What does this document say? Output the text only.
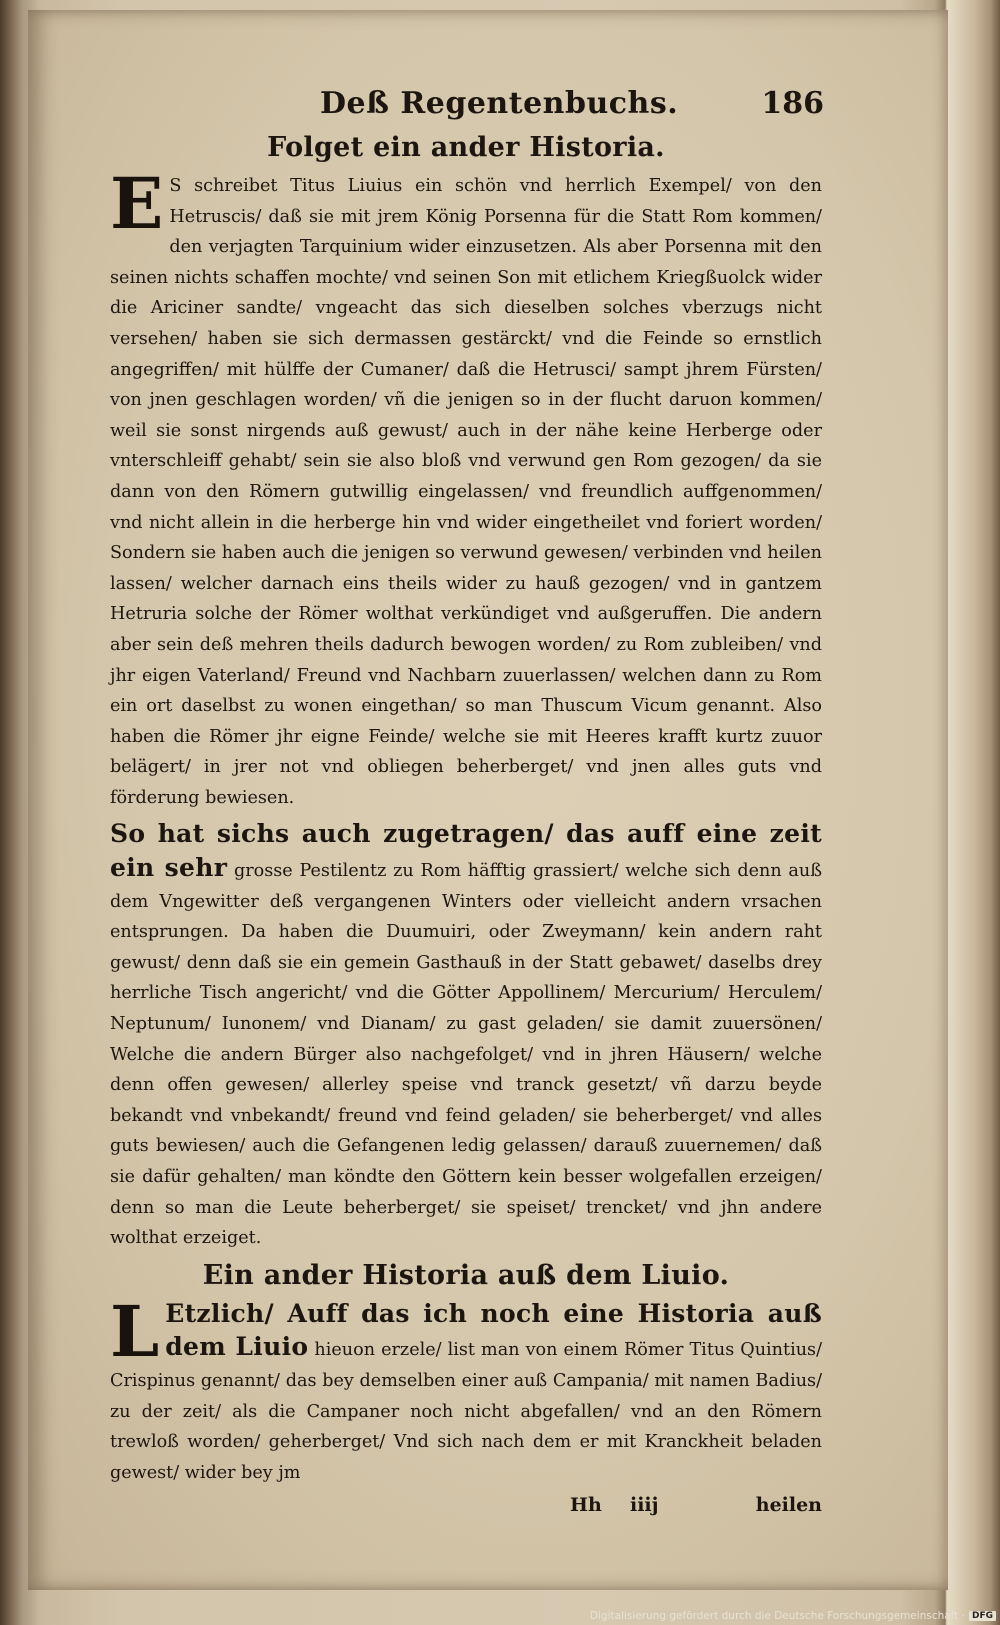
Deß Regentenbuchs.	186
Folget ein ander Historia.

E S schreibet Titus Liuius ein schön vnd herrlich Exempel/ von den Hetruscis/ daß sie mit jrem König Porsenna für die Statt Rom kommen/ den verjagten Tarquinium wider einzusetzen. Als aber Porsenna mit den seinen nichts schaffen mochte/ vnd seinen Son mit etlichem Kriegßuolck wider die Ariciner sandte/ vngeacht das sich dieselben solches vberzugs nicht versehen/ haben sie sich dermassen gestärckt/ vnd die Feinde so ernstlich angegriffen/ mit hülffe der Cumaner/ daß die Hetrusci/ sampt jhrem Fürsten/ von jnen geschlagen worden/ vñ die jenigen so in der flucht daruon kommen/ weil sie sonst nirgends auß gewust/ auch in der nähe keine Herberge oder vnterschleiff gehabt/ sein sie also bloß vnd verwund gen Rom gezogen/ da sie dann von den Römern gutwillig eingelassen/ vnd freundlich auffgenommen/ vnd nicht allein in die herberge hin vnd wider eingetheilet vnd foriert worden/ Sondern sie haben auch die jenigen so verwund gewesen/ verbinden vnd heilen lassen/ welcher darnach eins theils wider zu hauß gezogen/ vnd in gantzem Hetruria solche der Römer wolthat verkündiget vnd außgeruffen. Die andern aber sein deß mehren theils dadurch bewogen worden/ zu Rom zubleiben/ vnd jhr eigen Vaterland/ Freund vnd Nachbarn zuuerlassen/ welchen dann zu Rom ein ort daselbst zu wonen eingethan/ so man Thuscum Vicum genannt. Also haben die Römer jhr eigne Feinde/ welche sie mit Heeres krafft kurtz zuuor belägert/ in jrer not vnd obliegen beherberget/ vnd jnen alles guts vnd förderung bewiesen.

So hat sichs auch zugetragen/ das auff eine zeit ein sehr grosse Pestilentz zu Rom häfftig grassiert/ welche sich denn auß dem Vngewitter deß vergangenen Winters oder vielleicht andern vrsachen entsprungen. Da haben die Duumuiri, oder Zweymann/ kein andern raht gewust/ denn daß sie ein gemein Gasthauß in der Statt gebawet/ daselbs drey herrliche Tisch angericht/ vnd die Götter Appollinem/ Mercurium/ Herculem/ Neptunum/ Iunonem/ vnd Dianam/ zu gast geladen/ sie damit zuuersönen/ Welche die andern Bürger also nachgefolget/ vnd in jhren Häusern/ welche denn offen gewesen/ allerley speise vnd tranck gesetzt/ vñ darzu beyde bekandt vnd vnbekandt/ freund vnd feind geladen/ sie beherberget/ vnd alles guts bewiesen/ auch die Gefangenen ledig gelassen/ darauß zuuernemen/ daß sie dafür gehalten/ man köndte den Göttern kein besser wolgefallen erzeigen/ denn so man die Leute beherberget/ sie speiset/ trencket/ vnd jhn andere wolthat erzeiget.

Ein ander Historia auß dem Liuio.

L Etzlich/ Auff das ich noch eine Historia auß dem Liuio hieuon erzele/ list man von einem Römer Titus Quintius/ Crispinus genannt/ das bey demselben einer auß Campania/ mit namen Badius/ zu der zeit/ als die Campaner noch nicht abgefallen/ vnd an den Römern trewloß worden/ geherberget/ Vnd sich nach dem er mit Kranckheit beladen gewest/ wider bey jm

Hh iiij	heilen
Digitalisierung gefördert durch die Deutsche Forschungsgemeinschaft · DFG
